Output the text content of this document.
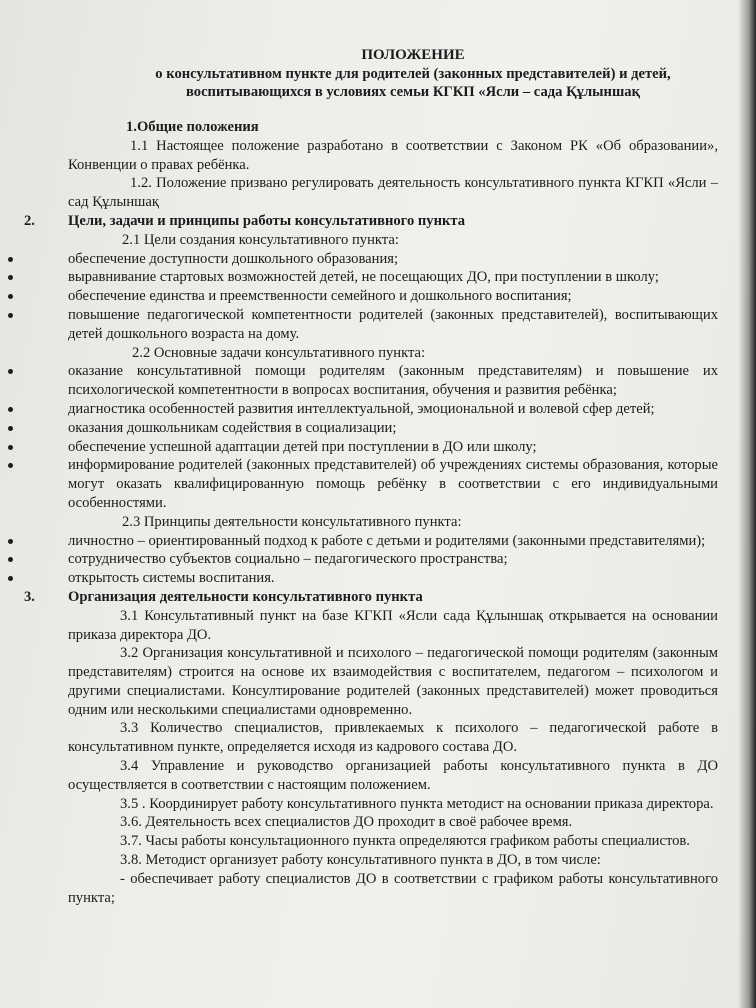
ПОЛОЖЕНИЕ
о консультативном пункте для родителей (законных представителей) и детей,
воспитывающихся в условиях семьи КГКП «Ясли – сада Құлыншақ
1.Общие положения

1.1 Настоящее положение разработано в соответствии с Законом РК «Об образовании», Конвенции о правах ребёнка.

1.2. Положение призвано регулировать деятельность консультативного пункта КГКП «Ясли –сад Құлыншақ

2. Цели, задачи и принципы работы консультативного пункта

2.1 Цели создания консультативного пункта:

обеспечение доступности дошкольного образования;
выравнивание стартовых возможностей детей, не посещающих ДО, при поступлении в школу;
обеспечение единства и преемственности семейного и дошкольного воспитания;
повышение педагогической компетентности родителей (законных представителей), воспитывающих детей дошкольного возраста на дому.

2.2 Основные задачи консультативного пункта:

оказание консультативной помощи родителям (законным представителям) и повышение их психологической компетентности в вопросах воспитания, обучения и развития ребёнка;
диагностика особенностей развития интеллектуальной, эмоциональной и волевой сфер детей;
оказания дошкольникам содействия в социализации;
обеспечение успешной адаптации детей при поступлении в ДО или школу;
информирование родителей (законных представителей) об учреждениях системы образования, которые могут оказать квалифицированную помощь ребёнку в соответствии с его индивидуальными особенностями.

2.3 Принципы деятельности консультативного пункта:

личностно – ориентированный подход к работе с детьми и родителями (законными представителями);
сотрудничество субъектов социально – педагогического пространства;
открытость системы воспитания.
3. Организация деятельности консультативного пункта

3.1 Консультативный пункт на базе КГКП «Ясли сада Құлыншақ открывается на основании приказа директора ДО.

3.2 Организация консультативной и психолого – педагогической помощи родителям (законным представителям) строится на основе их взаимодействия с воспитателем, педагогом – психологом и другими специалистами. Консултирование родителей (законных представителей) может проводиться одним или несколькими специалистами одновременно.

3.3 Количество специалистов, привлекаемых к психолого – педагогической работе в консультативном пункте, определяется исходя из кадрового состава ДО.

3.4 Управление и руководство организацией работы консультативного пункта в ДО осуществляется в соответствии с настоящим положением.

3.5 . Координирует работу консультативного пункта методист на основании приказа директора.

3.6. Деятельность всех специалистов ДО проходит в своё рабочее время.

3.7. Часы работы консультационного пункта определяются графиком работы специалистов.

3.8. Методист организует работу консультативного пункта в ДО, в том числе:

- обеспечивает работу специалистов ДО в соответствии с графиком работы консультативного пункта;
